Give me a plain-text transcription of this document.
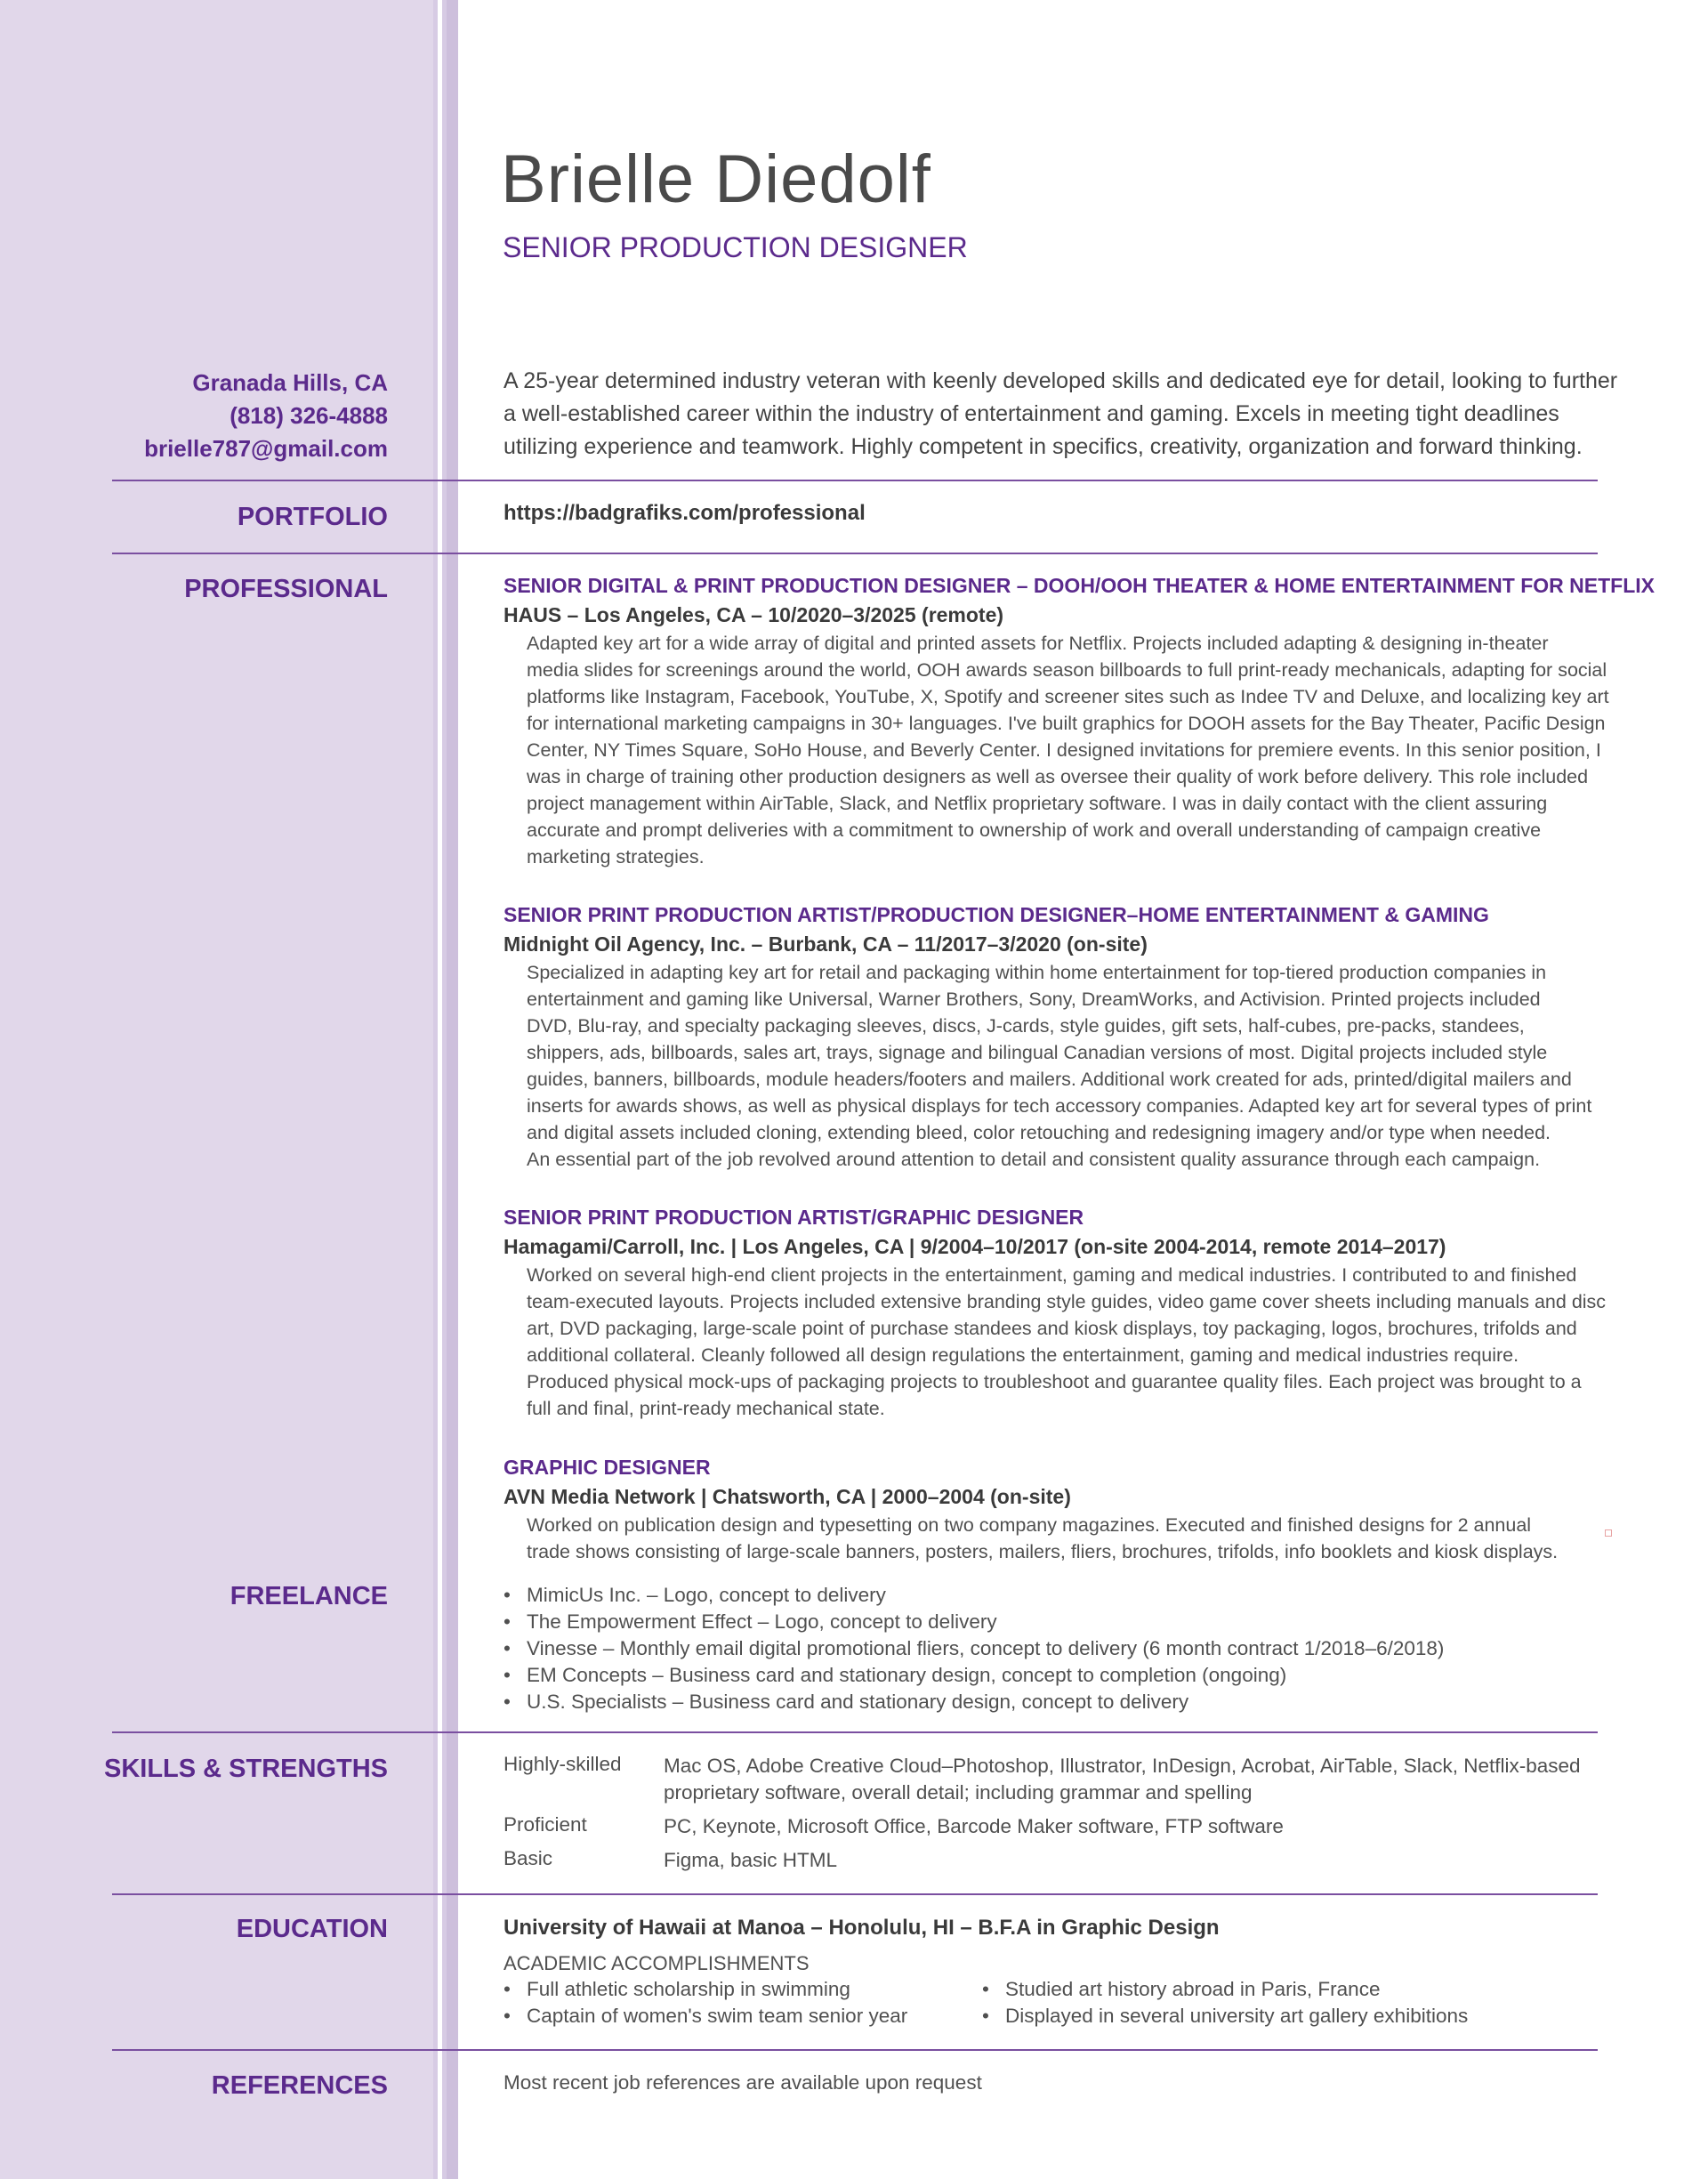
Brielle Diedolf
SENIOR PRODUCTION DESIGNER
Granada Hills, CA
(818) 326-4888
brielle787@gmail.com
A 25-year determined industry veteran with keenly developed skills and dedicated eye for detail, looking to further
a well-established career within the industry of entertainment and gaming. Excels in meeting tight deadlines
utilizing experience and teamwork. Highly competent in specifics, creativity, organization and forward thinking.
PORTFOLIO	https://badgrafiks.com/professional
PROFESSIONAL	SENIOR DIGITAL & PRINT PRODUCTION DESIGNER – DOOH/OOH THEATER & HOME ENTERTAINMENT FOR NETFLIX
HAUS – Los Angeles, CA – 10/2020–3/2025 (remote)
Adapted key art for a wide array of digital and printed assets for Netflix. Projects included adapting & designing in-theater
media slides for screenings around the world, OOH awards season billboards to full print-ready mechanicals, adapting for social
platforms like Instagram, Facebook, YouTube, X, Spotify and screener sites such as Indee TV and Deluxe, and localizing key art
for international marketing campaigns in 30+ languages. I've built graphics for DOOH assets for the Bay Theater, Pacific Design
Center, NY Times Square, SoHo House, and Beverly Center. I designed invitations for premiere events. In this senior position, I
was in charge of training other production designers as well as oversee their quality of work before delivery. This role included
project management within AirTable, Slack, and Netflix proprietary software. I was in daily contact with the client assuring
accurate and prompt deliveries with a commitment to ownership of work and overall understanding of campaign creative
marketing strategies.
SENIOR PRINT PRODUCTION ARTIST/PRODUCTION DESIGNER–HOME ENTERTAINMENT & GAMING
Midnight Oil Agency, Inc. – Burbank, CA – 11/2017–3/2020 (on-site)
Specialized in adapting key art for retail and packaging within home entertainment for top-tiered production companies in
entertainment and gaming like Universal, Warner Brothers, Sony, DreamWorks, and Activision. Printed projects included
DVD, Blu-ray, and specialty packaging sleeves, discs, J-cards, style guides, gift sets, half-cubes, pre-packs, standees,
shippers, ads, billboards, sales art, trays, signage and bilingual Canadian versions of most. Digital projects included style
guides, banners, billboards, module headers/footers and mailers. Additional work created for ads, printed/digital mailers and
inserts for awards shows, as well as physical displays for tech accessory companies. Adapted key art for several types of print
and digital assets included cloning, extending bleed, color retouching and redesigning imagery and/or type when needed.
An essential part of the job revolved around attention to detail and consistent quality assurance through each campaign.
SENIOR PRINT PRODUCTION ARTIST/GRAPHIC DESIGNER
Hamagami/Carroll, Inc. | Los Angeles, CA | 9/2004–10/2017 (on-site 2004-2014, remote 2014–2017)
Worked on several high-end client projects in the entertainment, gaming and medical industries. I contributed to and finished
team-executed layouts. Projects included extensive branding style guides, video game cover sheets including manuals and disc
art, DVD packaging, large-scale point of purchase standees and kiosk displays, toy packaging, logos, brochures, trifolds and
additional collateral. Cleanly followed all design regulations the entertainment, gaming and medical industries require.
Produced physical mock-ups of packaging projects to troubleshoot and guarantee quality files. Each project was brought to a
full and final, print-ready mechanical state.
GRAPHIC DESIGNER
AVN Media Network | Chatsworth, CA | 2000–2004 (on-site)
Worked on publication design and typesetting on two company magazines. Executed and finished designs for 2 annual
trade shows consisting of large-scale banners, posters, mailers, fliers, brochures, trifolds, info booklets and kiosk displays.
FREELANCE	• MimicUs Inc. – Logo, concept to delivery
• The Empowerment Effect – Logo, concept to delivery
• Vinesse – Monthly email digital promotional fliers, concept to delivery (6 month contract 1/2018–6/2018)
• EM Concepts – Business card and stationary design, concept to completion (ongoing)
• U.S. Specialists – Business card and stationary design, concept to delivery
SKILLS & STRENGTHS	Highly-skilled	Mac OS, Adobe Creative Cloud–Photoshop, Illustrator, InDesign, Acrobat, AirTable, Slack, Netflix-based
proprietary software, overall detail; including grammar and spelling
Proficient	PC, Keynote, Microsoft Office, Barcode Maker software, FTP software
Basic	Figma, basic HTML
EDUCATION	University of Hawaii at Manoa – Honolulu, HI – B.F.A in Graphic Design
ACADEMIC ACCOMPLISHMENTS
• Full athletic scholarship in swimming
• Captain of women's swim team senior year
• Studied art history abroad in Paris, France
• Displayed in several university art gallery exhibitions
REFERENCES	Most recent job references are available upon request
